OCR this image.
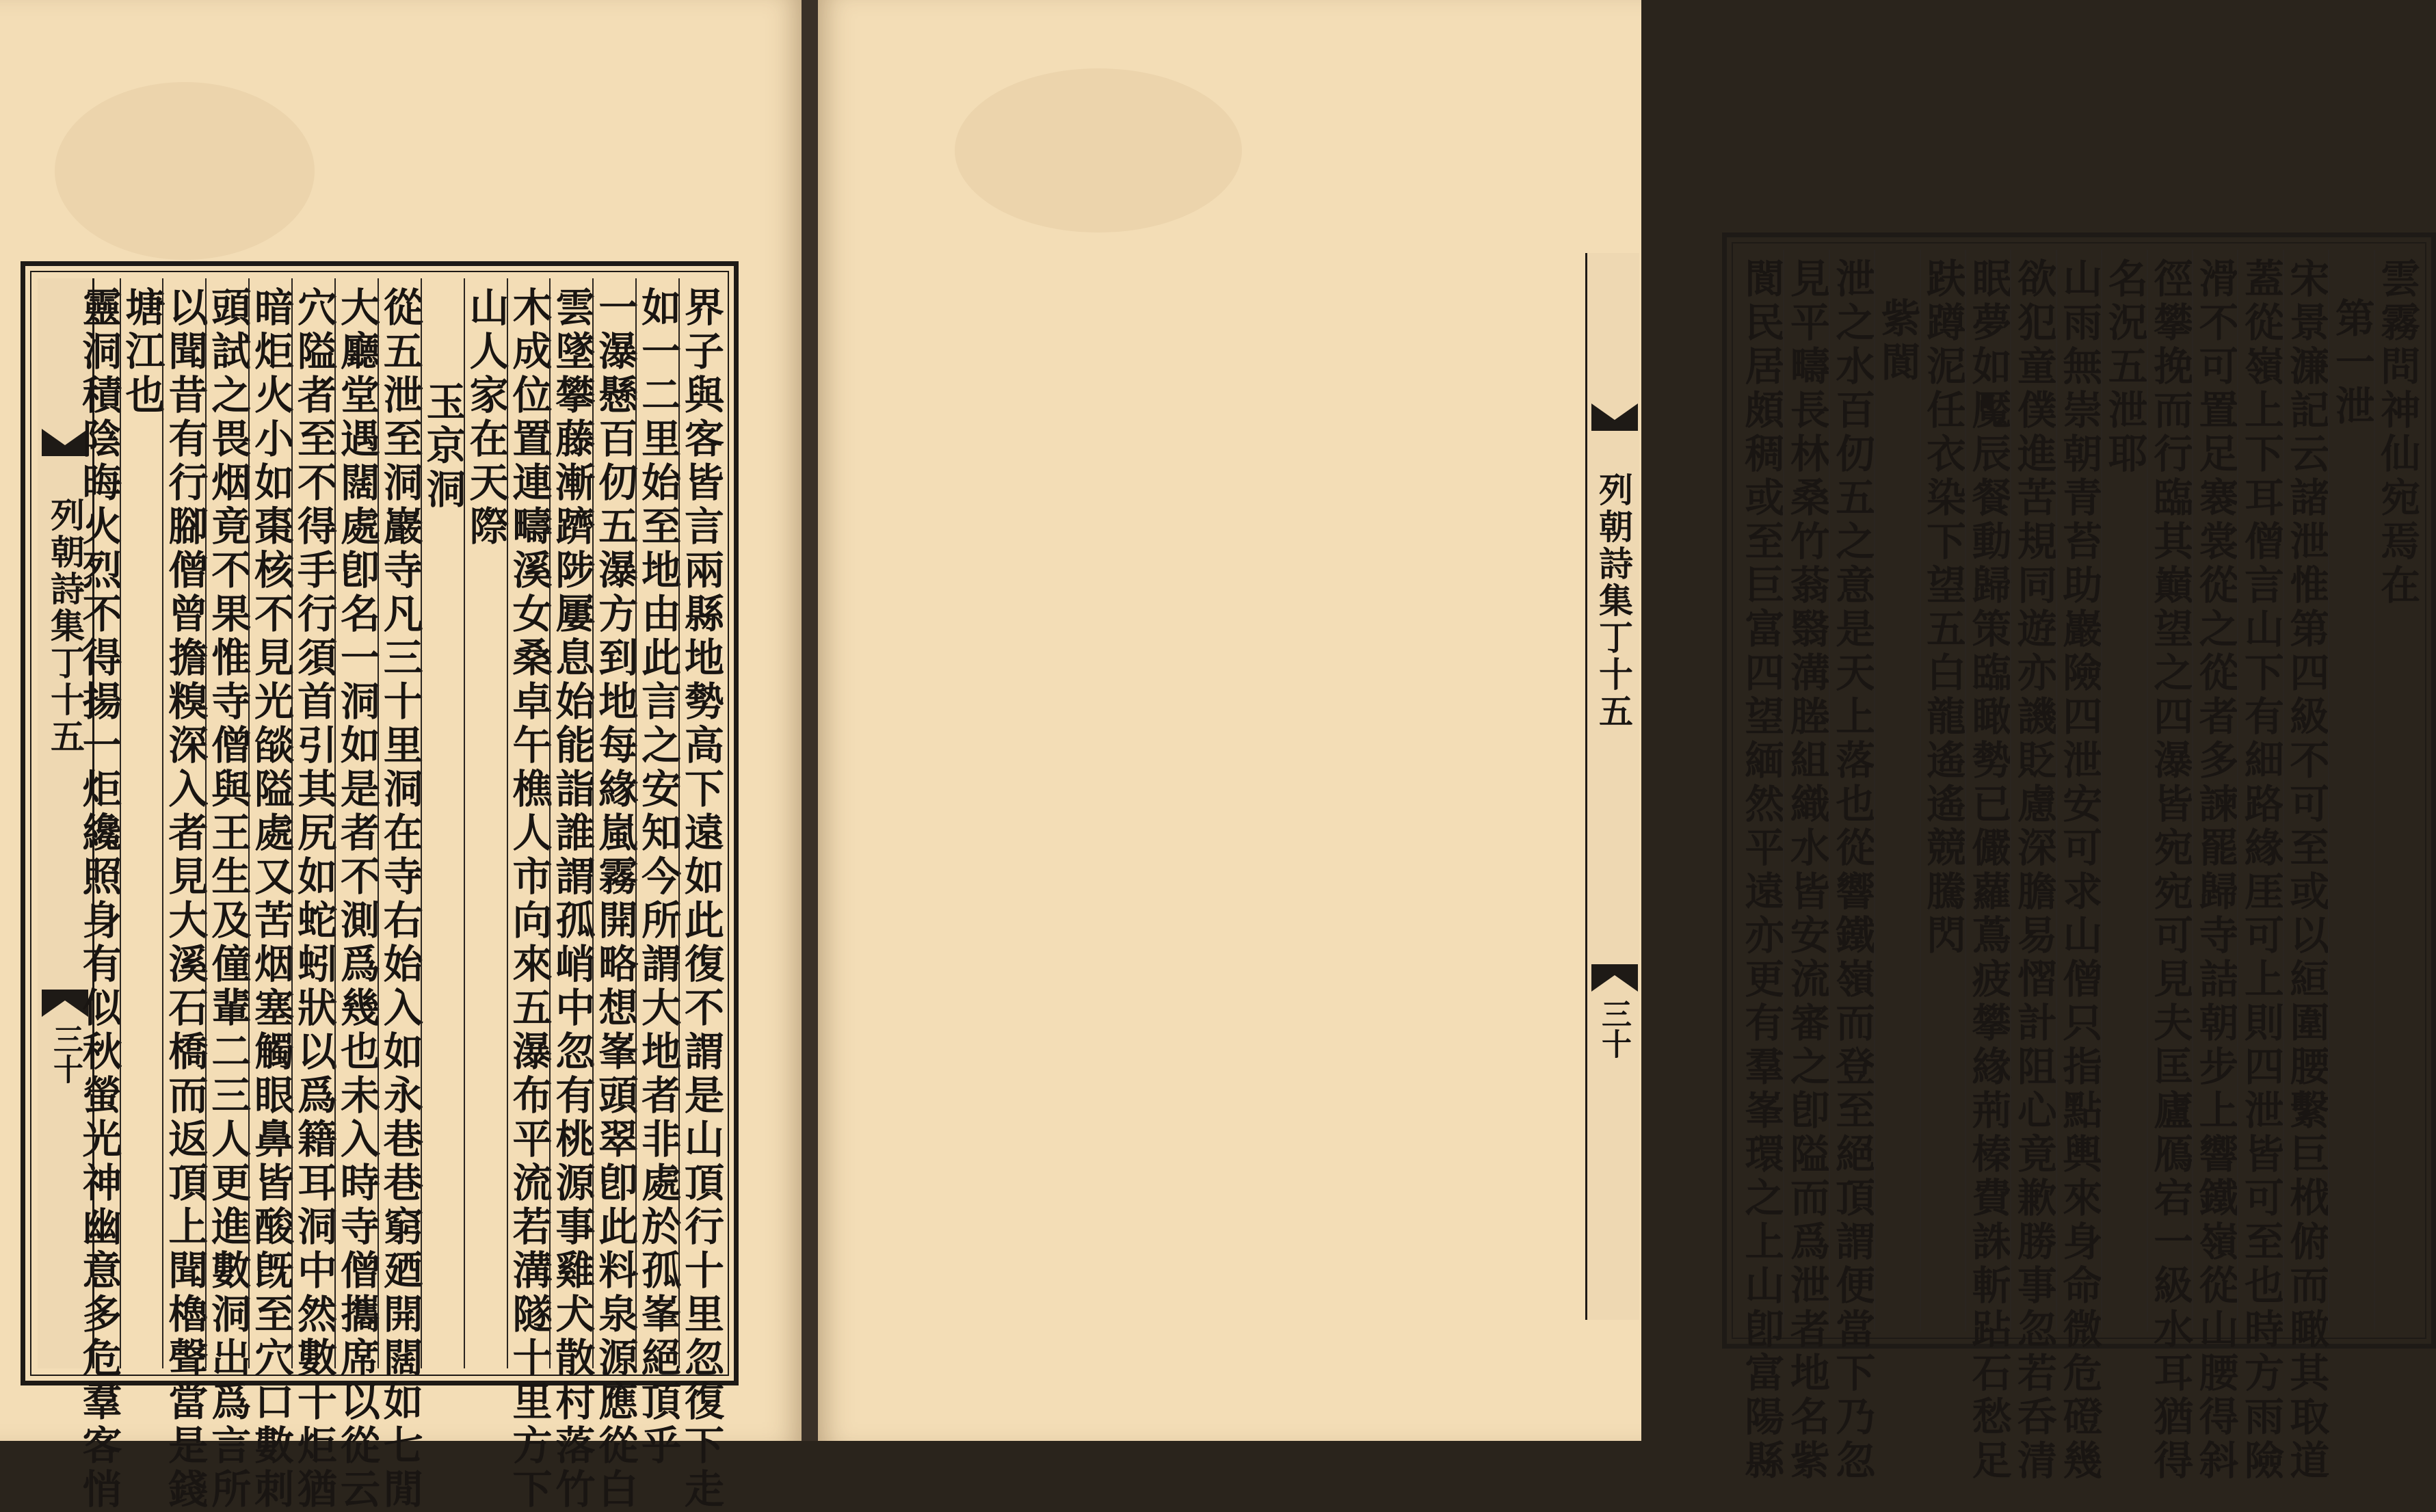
列朝詩集丁十五
三十	界子與客皆言兩縣地勢高下遠如此復不謂是山頂行十里忽復下走
如一二里始至地由此言之安知今所謂大地者非處於孤峯絕頂乎
一瀑懸百仞五瀑方到地每緣嵐霧開略想峯頭翠卽此料泉源應從白
雲墜攀藤漸躋陟屢息始能詣誰謂孤峭中忽有桃源事雞犬散村落竹
木成位置連疇溪女桑卓午樵人市向來五瀑布平流若溝隧十里方下
山人家在天際
玉京洞
從五泄至洞巖寺凡三十里洞在寺右始入如永巷巷窮廼開闊如七閒
大廳堂遇闊處卽名一洞如是者不測爲幾也未入時寺僧攜席以從云
穴隘者至不得手行須首引其尻如蛇蚓狀以爲籍耳洞中然數十炬猶
暗炬火小如棗核不見光燄隘處又苦烟塞觸眼鼻皆酸旣至穴口數刺
頭試之畏烟竟不果惟寺僧與王生及僮輩二三人更進數洞出爲言所
以聞昔有行腳僧曾擔糗深入者見大溪石橋而返頂上聞櫓聲當是錢
塘江也
靈洞積陰晦火烈不得揚一炬纔照身有似秋螢光神幽意多危羣客悄	雲霧問神仙宛焉在
第一泄
宋景濂記云諸泄惟第四級不可至或以絙圍腰繫巨栰俯而瞰其取道
蓋從嶺上下耳僧言山下有細路緣厓可上則四泄皆可至也時方雨險
滑不可置足褰裳從之從者多諫罷歸寺詰朝步上響鐵嶺從山腰得斜
徑攀挽而行臨其巔望之四瀑皆宛宛可見夫匡廬鴈宕一級水耳猶得
名況五泄耶
山雨無崇朝青苔助巖險四泄安可求山僧只指點輿來身命微危磴幾
欲犯童僕進苦規同遊亦譏貶慮深膽易慴計阻心竟歉勝事忽若呑清
眠夢如魘辰餐動歸策臨瞰勢已儼蘿蔦疲攀緣荊榛費誅斬跕石愁足
趺蹲泥任衣染下望五白龍遙遙競騰閃
紫閬
泄之水百仞五之意是天上落也從響鐵嶺而登至絕頂謂便當下乃忽
見平疇長林桑竹蓊翳溝塍組織水皆安流審之卽隘而爲泄者地名紫
閬民居頗稠或至巨富四望緬然平遠亦更有羣峯環之上山卽富陽縣
列朝詩集丁十五
三十
